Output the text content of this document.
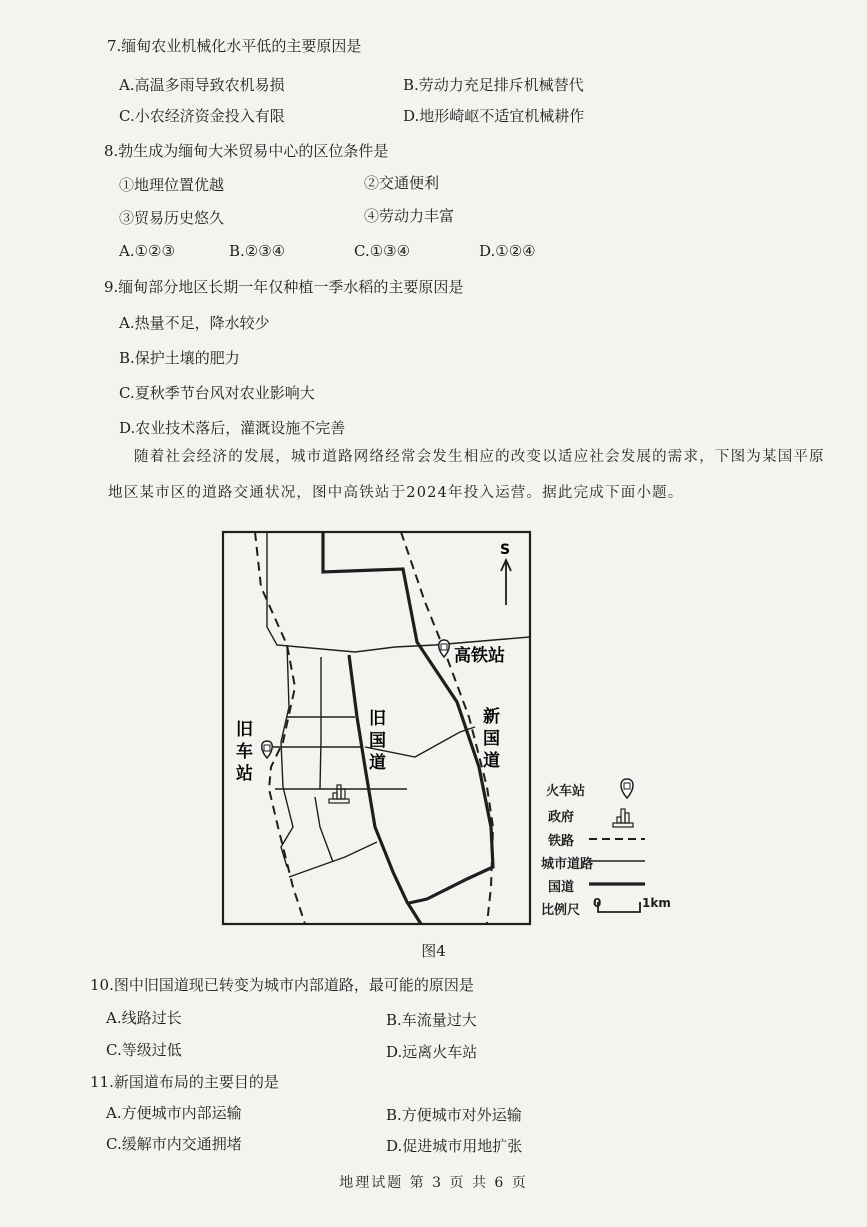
7.缅甸农业机械化水平低的主要原因是
A.高温多雨导致农机易损	B.劳动力充足排斥机械替代
C.小农经济资金投入有限	D.地形崎岖不适宜机械耕作
8.勃生成为缅甸大米贸易中心的区位条件是
①地理位置优越	②交通便利
③贸易历史悠久	④劳动力丰富
A.①②③	B.②③④	C.①③④	D.①②④
9.缅甸部分地区长期一年仅种植一季水稻的主要原因是
A.热量不足，降水较少
B.保护土壤的肥力
C.夏秋季节台风对农业影响大
D.农业技术落后，灌溉设施不完善
随着社会经济的发展，城市道路网络经常会发生相应的改变以适应社会发展的需求，下图为某国平原
地区某市区的道路交通状况，图中高铁站于2024年投入运营。据此完成下面小题。
S
高铁站
旧
车
站
旧
国
道
新
国
道
火车站
政府
铁路
城市道路
国道
比例尺 0	1km
图4
10.图中旧国道现已转变为城市内部道路，最可能的原因是
A.线路过长	B.车流量过大
C.等级过低	D.远离火车站
11.新国道布局的主要目的是
A.方便城市内部运输	B.方便城市对外运输
C.缓解市内交通拥堵	D.促进城市用地扩张
地理试题 第 3 页 共 6 页
